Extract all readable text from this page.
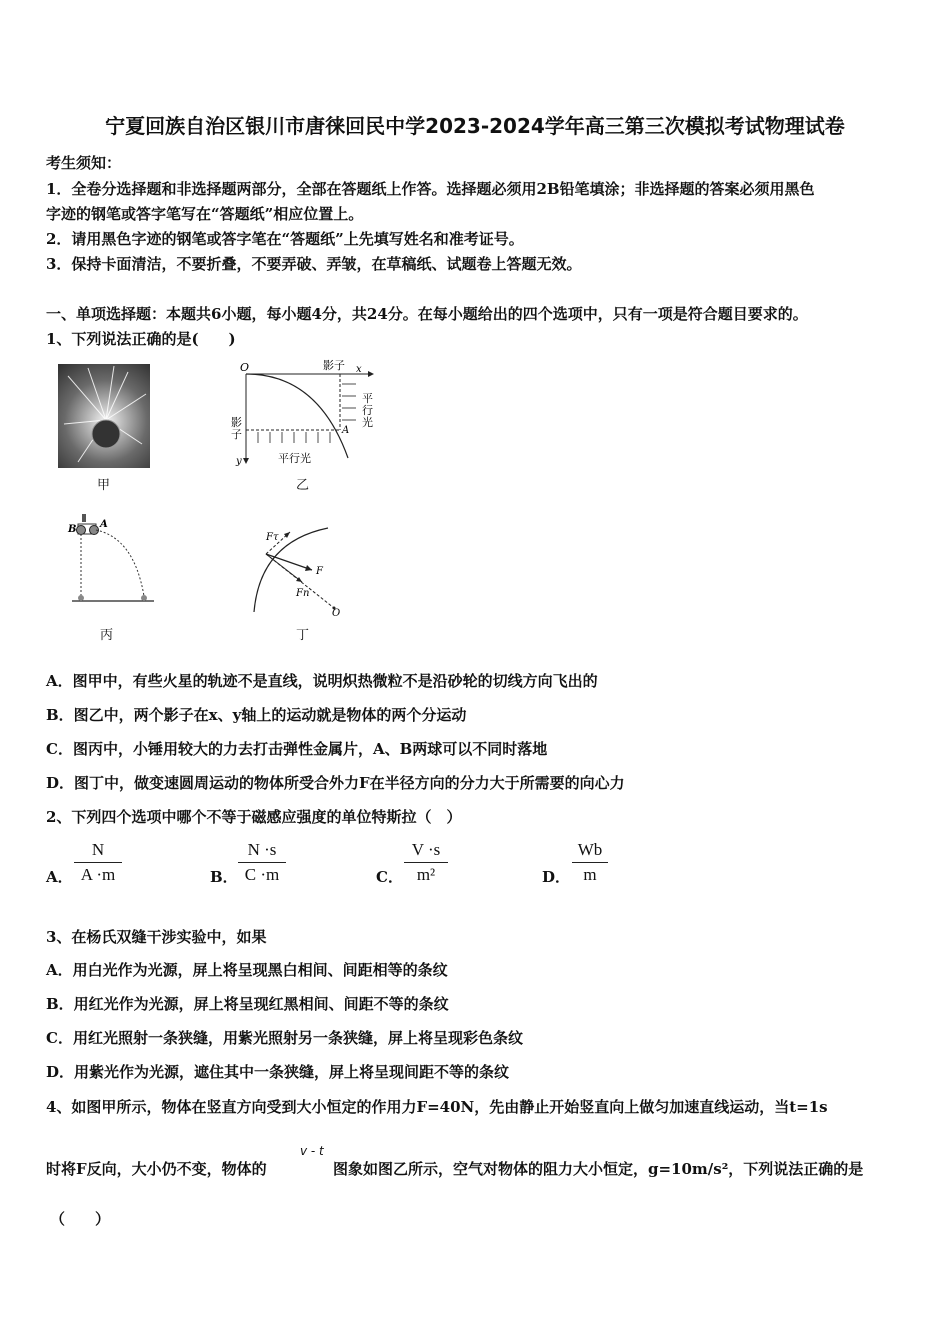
宁夏回族自治区银川市唐徕回民中学2023-2024学年高三第三次模拟考试物理试卷
考生须知：
1．全卷分选择题和非选择题两部分，全部在答题纸上作答。选择题必须用2B铅笔填涂；非选择题的答案必须用黑色
字迹的钢笔或答字笔写在“答题纸”相应位置上。
2．请用黑色字迹的钢笔或答字笔在“答题纸”上先填写姓名和准考证号。
3．保持卡面清洁，不要折叠，不要弄破、弄皱，在草稿纸、试题卷上答题无效。
一、单项选择题：本题共6小题，每小题4分，共24分。在每小题给出的四个选项中，只有一项是符合题目要求的。
1、下列说法正确的是(　　)
甲
O	影子 x
平
行
光
影
子	A
y	平行光
乙
B A
丙
Fτ
F
Fn
O
丁
A．图甲中，有些火星的轨迹不是直线，说明炽热微粒不是沿砂轮的切线方向飞出的
B．图乙中，两个影子在x、y轴上的运动就是物体的两个分运动
C．图丙中，小锤用较大的力去打击弹性金属片，A、B两球可以不同时落地
D．图丁中，做变速圆周运动的物体所受合外力F在半径方向的分力大于所需要的向心力
2、下列四个选项中哪个不等于磁感应强度的单位特斯拉（　）
A． $\frac{N}{A \cdot m}$	B． $\frac{N \cdot s}{C \cdot m}$	C． $\frac{V \cdot s}{\text{m²}}$	D． $\frac{Wb}{m}$
3、在杨氏双缝干涉实验中，如果
A．用白光作为光源，屏上将呈现黑白相间、间距相等的条纹
B．用红光作为光源，屏上将呈现红黑相间、间距不等的条纹
C．用红光照射一条狭缝，用紫光照射另一条狭缝，屏上将呈现彩色条纹
D．用紫光作为光源，遮住其中一条狭缝，屏上将呈现间距不等的条纹
4、如图甲所示，物体在竖直方向受到大小恒定的作用力F=40N，先由静止开始竖直向上做匀加速直线运动，当t=1s
时将F反向，大小仍不变，物体的
v - t
图象如图乙所示，空气对物体的阻力大小恒定，g=10m/s²，下列说法正确的是
（　　）
